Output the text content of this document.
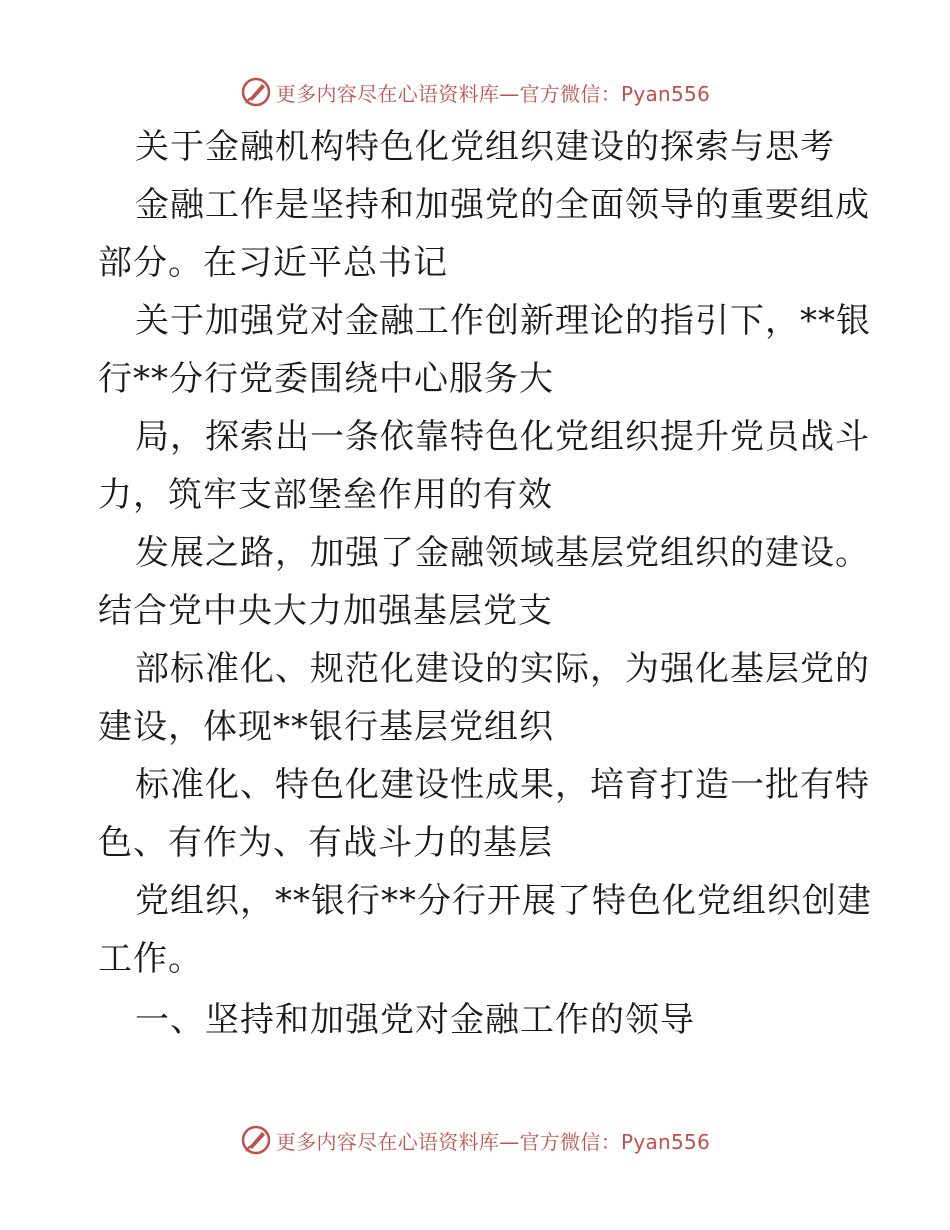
更多内容尽在心语资料库—官方微信：Pyan556
关于金融机构特色化党组织建设的探索与思考
金融工作是坚持和加强党的全面领导的重要组成
部分。在习近平总书记
关于加强党对金融工作创新理论的指引下，**银
行**分行党委围绕中心服务大
局，探索出一条依靠特色化党组织提升党员战斗
力，筑牢支部堡垒作用的有效
发展之路，加强了金融领域基层党组织的建设。
结合党中央大力加强基层党支
部标准化、规范化建设的实际，为强化基层党的
建设，体现**银行基层党组织
标准化、特色化建设性成果，培育打造一批有特
色、有作为、有战斗力的基层
党组织，**银行**分行开展了特色化党组织创建
工作。
一、坚持和加强党对金融工作的领导
更多内容尽在心语资料库—官方微信：Pyan556
